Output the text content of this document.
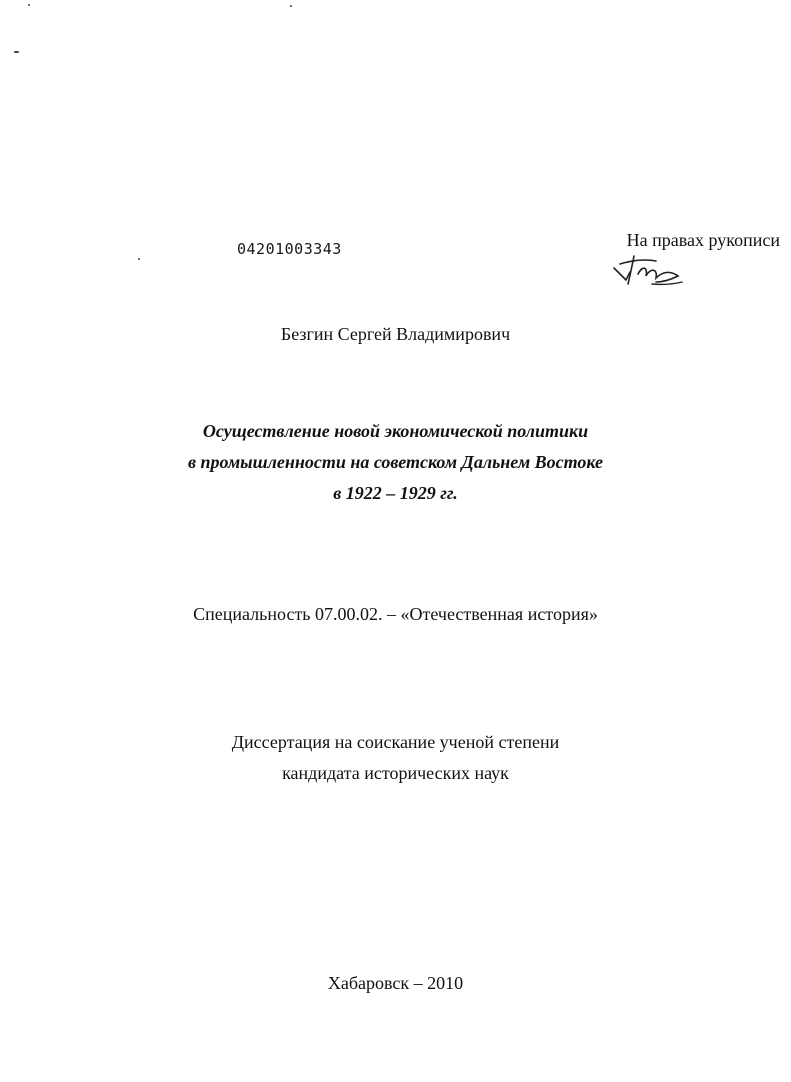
04201003343	На правах рукописи
Безгин Сергей Владимирович
Осуществление новой экономической политики
в промышленности на советском Дальнем Востоке
в 1922 – 1929 гг.
Специальность 07.00.02. – «Отечественная история»
Диссертация на соискание ученой степени
кандидата исторических наук
Хабаровск – 2010
